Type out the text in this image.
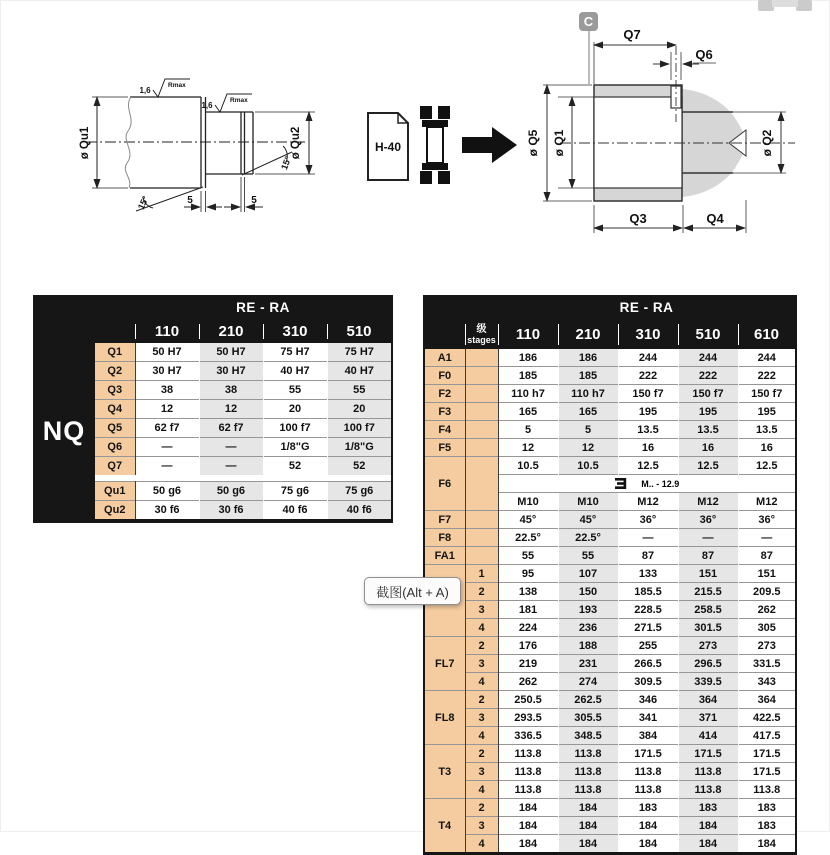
15°
15°
ø Qu1	ø Qu2
5	5
1,6
Rmax
1,6
Rmax
H-40
C
Q7
Q6
ø Q5 ø Q1	ø Q2
Q3	Q4
NQ
	RE - RA			
	110	210	310	510
Q1	50 H7	50 H7	75 H7	75 H7
Q2	30 H7	30 H7	40 H7	40 H7
Q3	38	38	55	55
Q4	12	12	20	20
Q5	62 f7	62 f7	100 f7	100 f7
Q6	—	—	1/8"G	1/8"G
Q7	—	—	52	52

Qu1	50 g6	50 g6	75 g6	75 g6
Qu2	30 f6	30 f6	40 f6	40 f6
		RE - RA				

	级
stages	110	210	310	510	610
A1		186	186	244	244	244
F0		185	185	222	222	222
F2		110 h7	110 h7	150 f7	150 f7	150 f7
F3		165	165	195	195	195
F4		5	5	13.5	13.5	13.5
F5		12	12	16	16	16
F6		10.5	10.5	12.5	12.5	12.5

		M.. - 12.9				

		M10	M10	M12	M12	M12
F7		45°	45°	36°	36°	36°
F8		22.5°	22.5°	—	—	—
FA1		55	55	87	87	87
	1	95	107	133	151	151
	2	138	150	185.5	215.5	209.5
	3	181	193	228.5	258.5	262
	4	224	236	271.5	301.5	305
FL7	2	176	188	255	273	273
	3	219	231	266.5	296.5	331.5
	4	262	274	309.5	339.5	343
FL8	2	250.5	262.5	346	364	364
	3	293.5	305.5	341	371	422.5
	4	336.5	348.5	384	414	417.5
T3	2	113.8	113.8	171.5	171.5	171.5
	3	113.8	113.8	113.8	113.8	171.5
	4	113.8	113.8	113.8	113.8	113.8
T4	2	184	184	183	183	183
	3	184	184	184	184	183
	4	184	184	184	184	184
截图(Alt + A)
